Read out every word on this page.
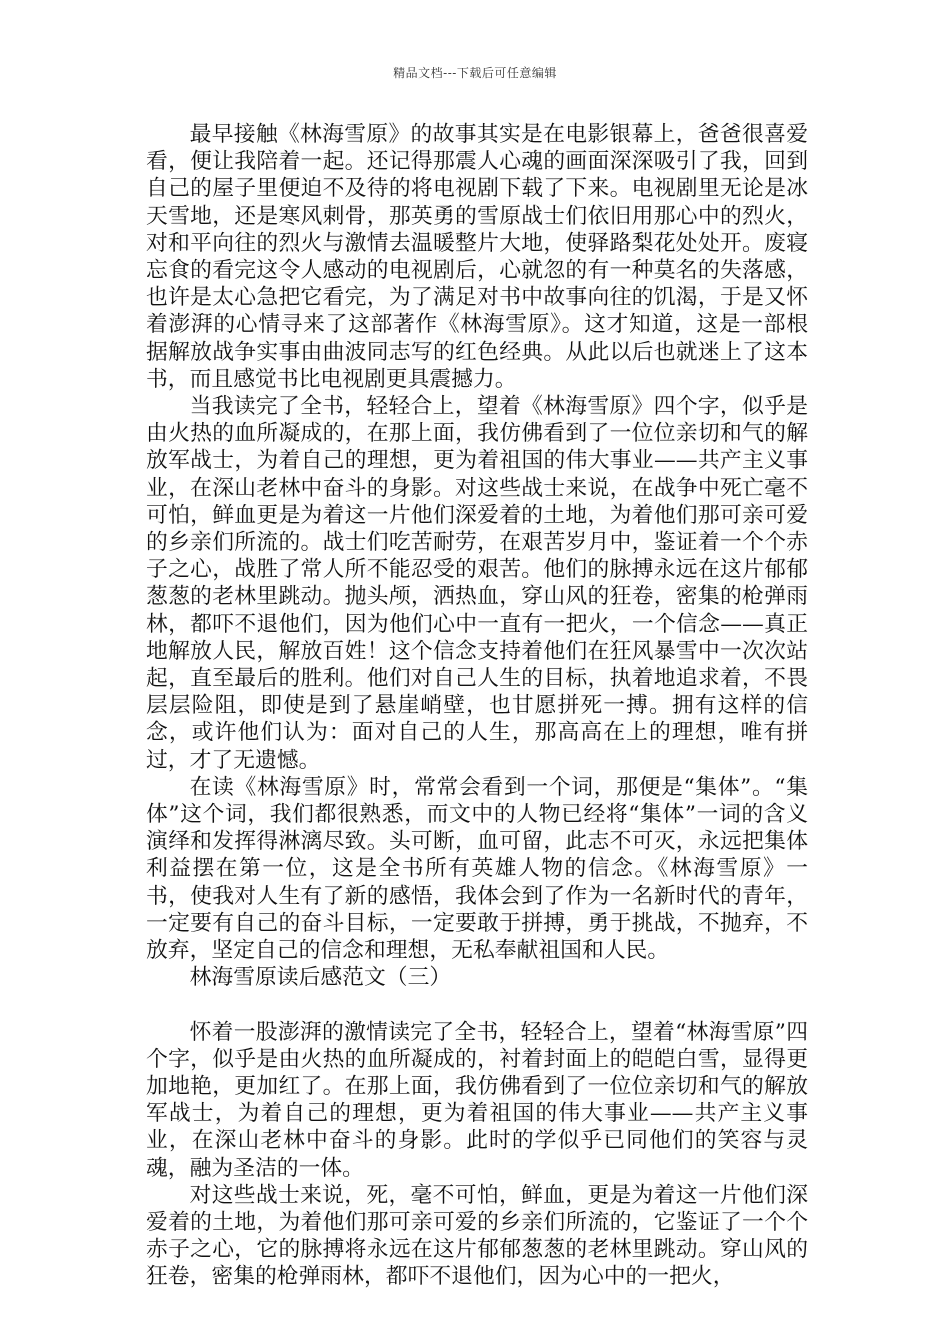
精品文档---下载后可任意编辑

最早接触《林海雪原》的故事其实是在电影银幕上，爸爸很喜爱看，便让我陪着一起。还记得那震人心魂的画面深深吸引了我，回到自己的屋子里便迫不及待的将电视剧下载了下来。电视剧里无论是冰天雪地，还是寒风刺骨，那英勇的雪原战士们依旧用那心中的烈火，对和平向往的烈火与激情去温暖整片大地，使驿路梨花处处开。废寝忘食的看完这令人感动的电视剧后，心就忽的有一种莫名的失落感，也许是太心急把它看完，为了满足对书中故事向往的饥渴，于是又怀着澎湃的心情寻来了这部著作《林海雪原》。这才知道，这是一部根据解放战争实事由曲波同志写的红色经典。从此以后也就迷上了这本书，而且感觉书比电视剧更具震撼力。

当我读完了全书，轻轻合上，望着《林海雪原》四个字，似乎是由火热的血所凝成的，在那上面，我仿佛看到了一位位亲切和气的解放军战士，为着自己的理想，更为着祖国的伟大事业——共产主义事业，在深山老林中奋斗的身影。对这些战士来说，在战争中死亡毫不可怕，鲜血更是为着这一片他们深爱着的土地，为着他们那可亲可爱的乡亲们所流的。战士们吃苦耐劳，在艰苦岁月中，鉴证着一个个赤子之心，战胜了常人所不能忍受的艰苦。他们的脉搏永远在这片郁郁葱葱的老林里跳动。抛头颅，洒热血，穿山风的狂卷，密集的枪弹雨林，都吓不退他们，因为他们心中一直有一把火，一个信念——真正地解放人民，解放百姓！这个信念支持着他们在狂风暴雪中一次次站起，直至最后的胜利。他们对自己人生的目标，执着地追求着，不畏层层险阻，即使是到了悬崖峭壁，也甘愿拼死一搏。拥有这样的信念，或许他们认为：面对自己的人生，那高高在上的理想，唯有拼过，才了无遗憾。

在读《林海雪原》时，常常会看到一个词，那便是“集体”。“集体”这个词，我们都很熟悉，而文中的人物已经将“集体”一词的含义演绎和发挥得淋漓尽致。头可断，血可留，此志不可灭，永远把集体利益摆在第一位，这是全书所有英雄人物的信念。《林海雪原》一书，使我对人生有了新的感悟，我体会到了作为一名新时代的青年，一定要有自己的奋斗目标，一定要敢于拼搏，勇于挑战，不抛弃，不放弃，坚定自己的信念和理想，无私奉献祖国和人民。

林海雪原读后感范文（三）

怀着一股澎湃的激情读完了全书，轻轻合上，望着“林海雪原”四个字，似乎是由火热的血所凝成的，衬着封面上的皑皑白雪，显得更加地艳，更加红了。在那上面，我仿佛看到了一位位亲切和气的解放军战士，为着自己的理想，更为着祖国的伟大事业——共产主义事业，在深山老林中奋斗的身影。此时的学似乎已同他们的笑容与灵魂，融为圣洁的一体。

对这些战士来说，死，毫不可怕，鲜血，更是为着这一片他们深爱着的土地，为着他们那可亲可爱的乡亲们所流的，它鉴证了一个个赤子之心，它的脉搏将永远在这片郁郁葱葱的老林里跳动。穿山风的狂卷，密集的枪弹雨林，都吓不退他们，因为心中的一把火，
